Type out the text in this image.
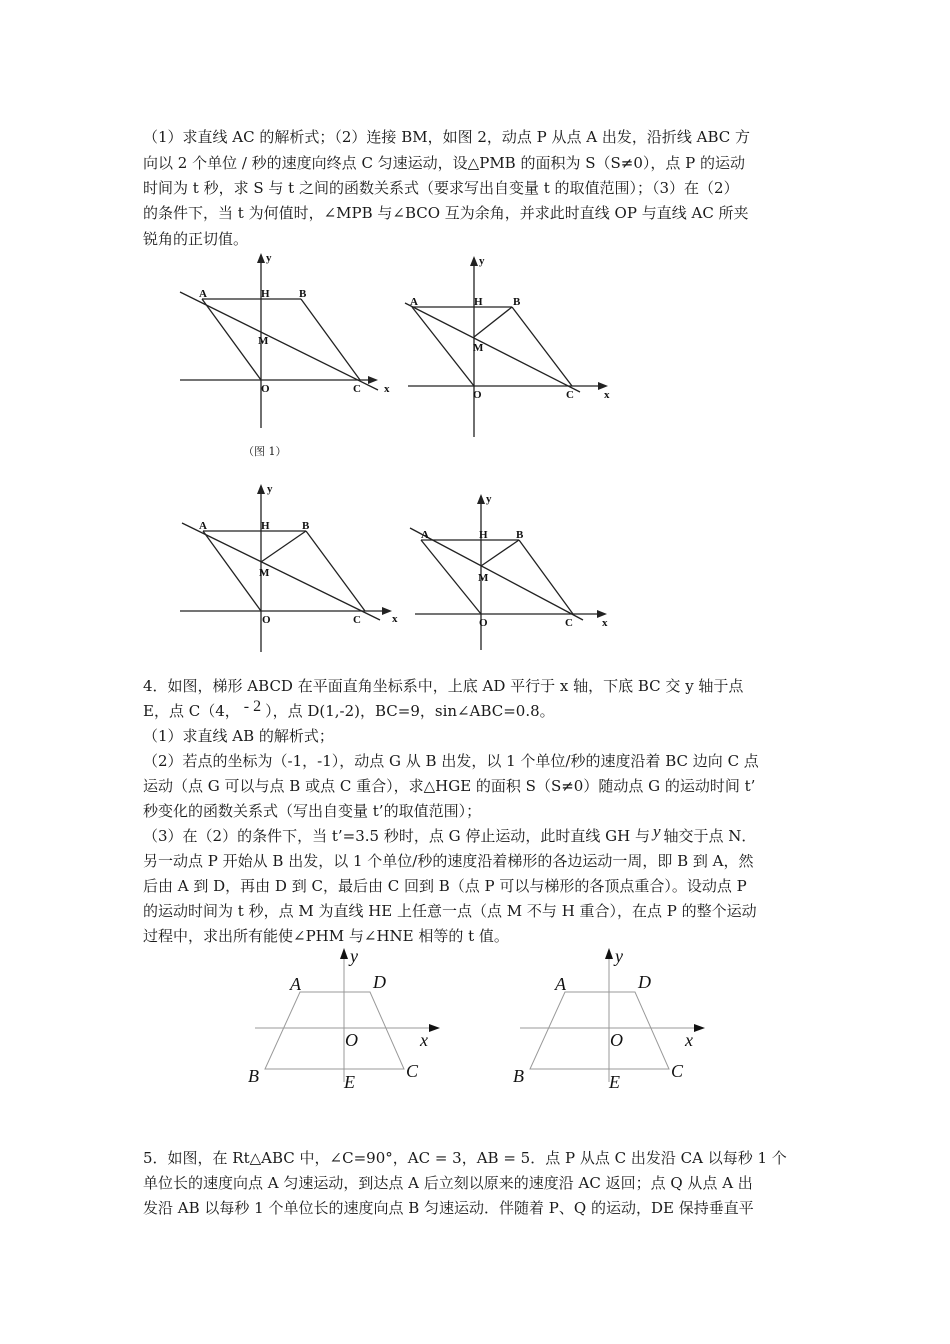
（1）求直线 AC 的解析式；（2）连接 BM，如图 2，动点 P 从点 A 出发，沿折线 ABC 方
向以 2 个单位 / 秒的速度向终点 C 匀速运动，设△PMB 的面积为 S（S≠0），点 P 的运动
时间为 t 秒，求 S 与 t 之间的函数关系式（要求写出自变量 t 的取值范围）；（3）在（2）
的条件下，当 t 为何值时，∠MPB 与∠BCO 互为余角，并求此时直线 OP 与直线 AC 所夹
锐角的正切值。
y
x
A	H	B
M
O	C
（图 1）
y
x
A	H	B
M
O	C
y
x
A	H	B
M
O	C
y
x
A	H	B
M
O	C
4．如图，梯形 ABCD 在平面直角坐标系中，上底 AD 平行于 x 轴，下底 BC 交 y 轴于点
E，点 C（4， - 2 ），点 D(1,-2)，BC=9，sin∠ABC=0.8。
（1）求直线 AB 的解析式；
（2）若点的坐标为（-1，-1），动点 G 从 B 出发，以 1 个单位/秒的速度沿着 BC 边向 C 点
运动（点 G 可以与点 B 或点 C 重合），求△HGE 的面积 S（S≠0）随动点 G 的运动时间 t’
秒变化的函数关系式（写出自变量 t’的取值范围）；
（3）在（2）的条件下，当 t’=3.5 秒时，点 G 停止运动，此时直线 GH 与 y 轴交于点 N．
另一动点 P 开始从 B 出发，以 1 个单位/秒的速度沿着梯形的各边运动一周，即 B 到 A，然
后由 A 到 D，再由 D 到 C，最后由 C 回到 B（点 P 可以与梯形的各顶点重合）。设动点 P
的运动时间为 t 秒，点 M 为直线 HE 上任意一点（点 M 不与 H 重合），在点 P 的整个运动
过程中，求出所有能使∠PHM 与∠HNE 相等的 t 值。
y
x
A	D
O
B	E
C
y
x
A	D
O
B	E
C
5．如图，在 Rt△ABC 中，∠C=90°，AC = 3，AB = 5．点 P 从点 C 出发沿 CA 以每秒 1 个
单位长的速度向点 A 匀速运动，到达点 A 后立刻以原来的速度沿 AC 返回；点 Q 从点 A 出
发沿 AB 以每秒 1 个单位长的速度向点 B 匀速运动．伴随着 P、Q 的运动，DE 保持垂直平
